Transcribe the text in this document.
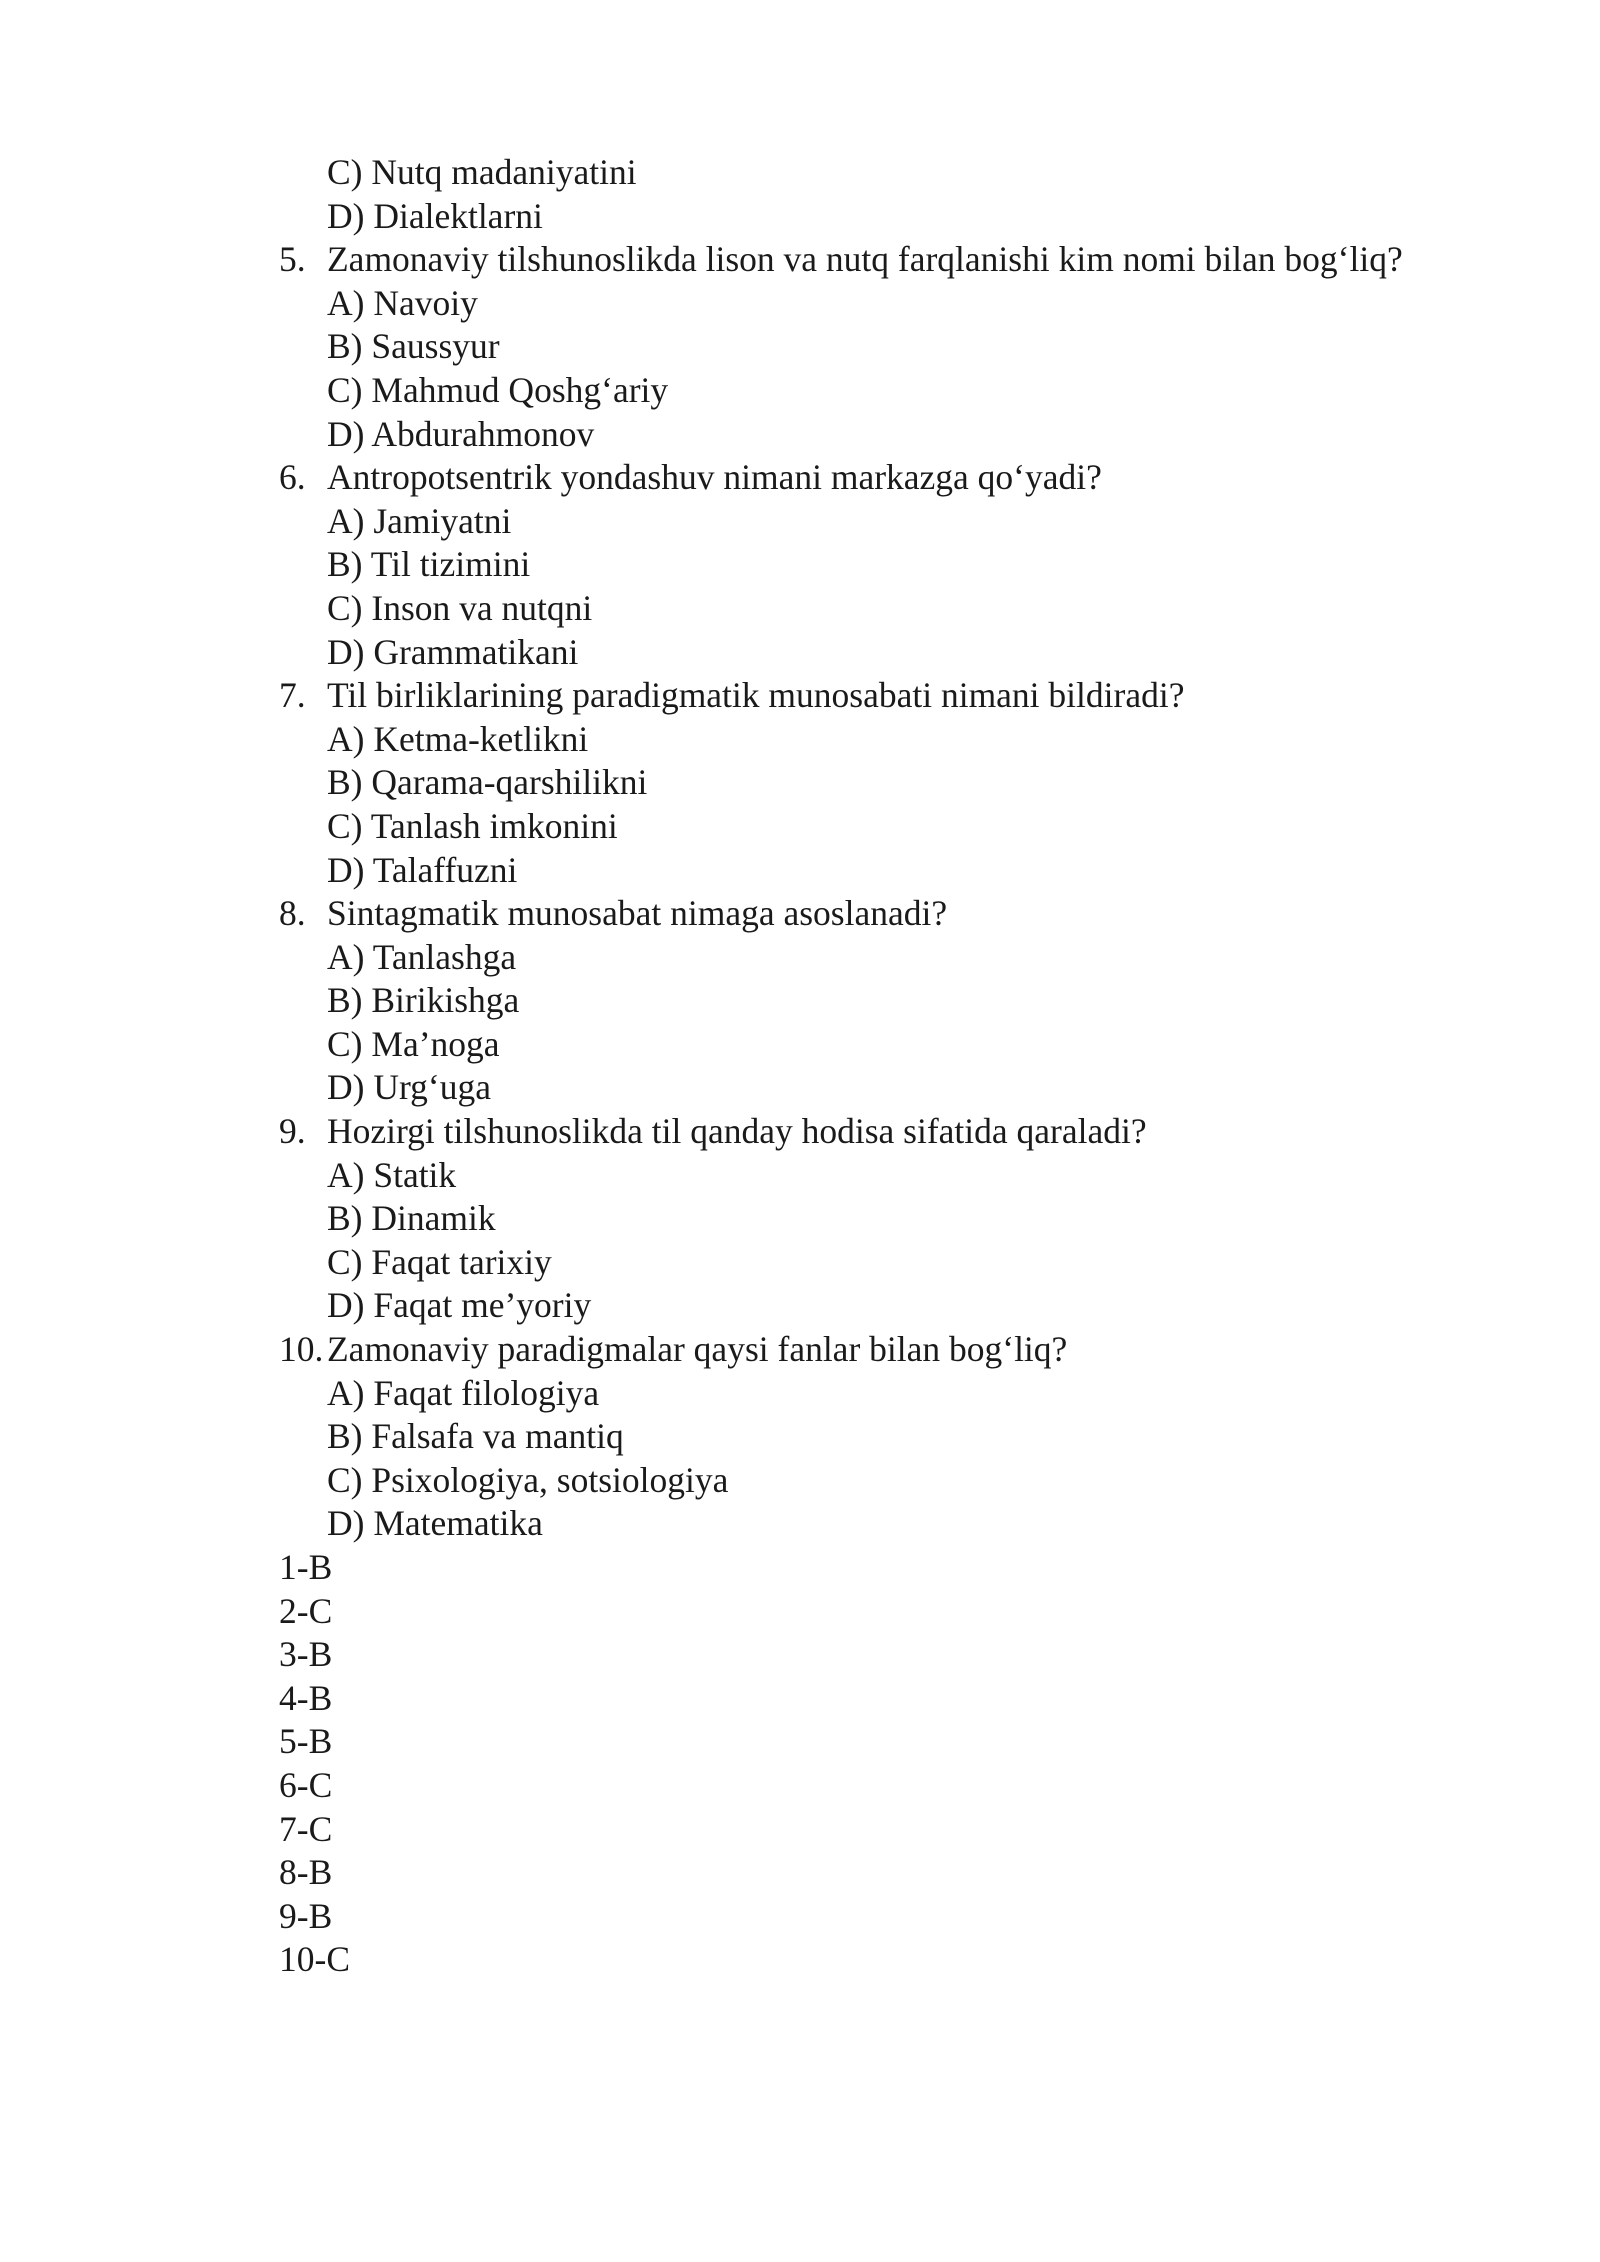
C) Nutq madaniyatini
D) Dialektlarni
5. Zamonaviy tilshunoslikda lison va nutq farqlanishi kim nomi bilan bog‘liq?
A) Navoiy
B) Saussyur
C) Mahmud Qoshg‘ariy
D) Abdurahmonov
6. Antropotsentrik yondashuv nimani markazga qo‘yadi?
A) Jamiyatni
B) Til tizimini
C) Inson va nutqni
D) Grammatikani
7. Til birliklarining paradigmatik munosabati nimani bildiradi?
A) Ketma-ketlikni
B) Qarama-qarshilikni
C) Tanlash imkonini
D) Talaffuzni
8. Sintagmatik munosabat nimaga asoslanadi?
A) Tanlashga
B) Birikishga
C) Ma’noga
D) Urg‘uga
9. Hozirgi tilshunoslikda til qanday hodisa sifatida qaraladi?
A) Statik
B) Dinamik
C) Faqat tarixiy
D) Faqat me’yoriy
10. Zamonaviy paradigmalar qaysi fanlar bilan bog‘liq?
A) Faqat filologiya
B) Falsafa va mantiq
C) Psixologiya, sotsiologiya
D) Matematika
1-B
2-C
3-B
4-B
5-B
6-C
7-C
8-B
9-B
10-C
